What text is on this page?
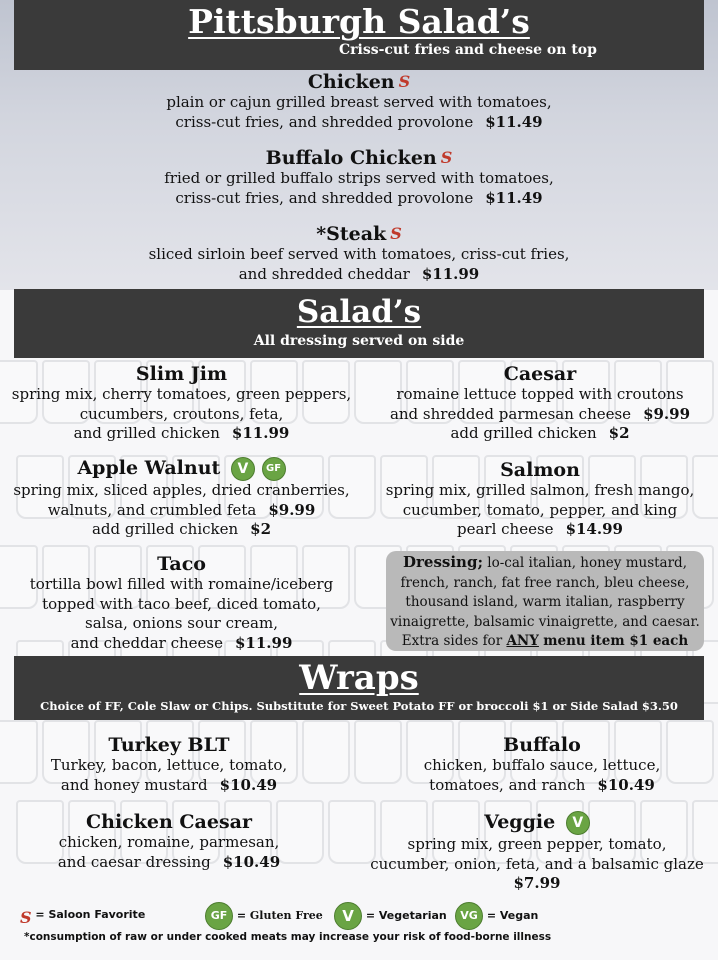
Pittsburgh Salad’s
Criss-cut fries and cheese on top
Chicken S
plain or cajun grilled breast served with tomatoes,
criss-cut fries, and shredded provolone $11.49
Buffalo Chicken S
fried or grilled buffalo strips served with tomatoes,
criss-cut fries, and shredded provolone $11.49
*Steak S
sliced sirloin beef served with tomatoes, criss-cut fries,
and shredded cheddar $11.99
Salad’s
All dressing served on side
Slim Jim
spring mix, cherry tomatoes, green peppers,
cucumbers, croutons, feta,
and grilled chicken $11.99
Caesar
romaine lettuce topped with croutons
and shredded parmesan cheese $9.99
add grilled chicken $2
Apple Walnut V GF
spring mix, sliced apples, dried cranberries,
walnuts, and crumbled feta $9.99
add grilled chicken $2
Salmon
spring mix, grilled salmon, fresh mango,
cucumber, tomato, pepper, and king
pearl cheese $14.99
Taco
tortilla bowl filled with romaine/iceberg
topped with taco beef, diced tomato,
salsa, onions sour cream,
and cheddar cheese $11.99
Dressing; lo-cal italian, honey mustard,
french, ranch, fat free ranch, bleu cheese,
thousand island, warm italian, raspberry
vinaigrette, balsamic vinaigrette, and caesar.
Extra sides for ANY menu item $1 each
Wraps
Choice of FF, Cole Slaw or Chips. Substitute for Sweet Potato FF or broccoli $1 or Side Salad $3.50
Turkey BLT
Turkey, bacon, lettuce, tomato,
and honey mustard $10.49
Buffalo
chicken, buffalo sauce, lettuce,
tomatoes, and ranch $10.49
Chicken Caesar
chicken, romaine, parmesan,
and caesar dressing $10.49
Veggie V
spring mix, green pepper, tomato,
cucumber, onion, feta, and a balsamic glaze
$7.99
S = Saloon Favorite	GF = Gluten Free	V = Vegetarian	VG = Vegan
*consumption of raw or under cooked meats may increase your risk of food-borne illness
